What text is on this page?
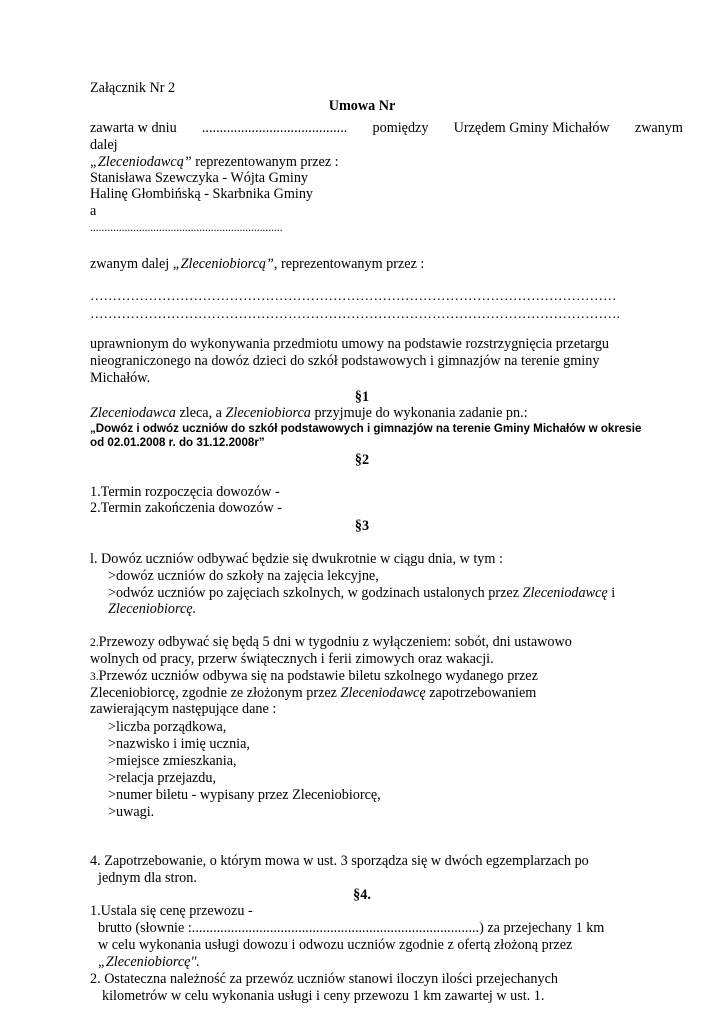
Załącznik Nr 2
Umowa Nr
zawarta w dniu ......................................... pomiędzy Urzędem Gminy Michałów zwanym
dalej
„Zleceniodawcą” reprezentowanym przez :
Stanisława Szewczyka - Wójta Gminy
Halinę Głombińską - Skarbnika Gminy
a
...................................................................
zwanym dalej „Zleceniobiorcą”, reprezentowanym przez :
………………………………………………………………………………………………………
……………………………………………………………………………………………………….
uprawnionym do wykonywania przedmiotu umowy na podstawie rozstrzygnięcia przetargu
nieograniczonego na dowóz dzieci do szkół podstawowych i gimnazjów na terenie gminy
Michałów.
§1
Zleceniodawca zleca, a Zleceniobiorca przyjmuje do wykonania zadanie pn.:
„Dowóz i odwóz uczniów do szkół podstawowych i gimnazjów na terenie Gminy Michałów w okresie
od 02.01.2008 r. do 31.12.2008r”
§2
1.Termin rozpoczęcia dowozów -
2.Termin zakończenia dowozów -
§3
l. Dowóz uczniów odbywać będzie się dwukrotnie w ciągu dnia, w tym :
>dowóz uczniów do szkoły na zajęcia lekcyjne,
>odwóz uczniów po zajęciach szkolnych, w godzinach ustalonych przez Zleceniodawcę i
Zleceniobiorcę.
2.Przewozy odbywać się będą 5 dni w tygodniu z wyłączeniem: sobót, dni ustawowo
wolnych od pracy, przerw świątecznych i ferii zimowych oraz wakacji.
3.Przewóz uczniów odbywa się na podstawie biletu szkolnego wydanego przez
Zleceniobiorcę, zgodnie ze złożonym przez Zleceniodawcę zapotrzebowaniem
zawierającym następujące dane :
>liczba porządkowa,
>nazwisko i imię ucznia,
>miejsce zmieszkania,
>relacja przejazdu,
>numer biletu - wypisany przez Zleceniobiorcę,
>uwagi.
4. Zapotrzebowanie, o którym mowa w ust. 3 sporządza się w dwóch egzemplarzach po
jednym dla stron.
§4.
1.Ustala się cenę przewozu -
brutto (słownie :.................................................................................) za przejechany 1 km
w celu wykonania usługi dowozu i odwozu uczniów zgodnie z ofertą złożoną przez
„Zleceniobiorcę".
2. Ostateczna należność za przewóz uczniów stanowi iloczyn ilości przejechanych
kilometrów w celu wykonania usługi i ceny przewozu 1 km zawartej w ust. 1.
